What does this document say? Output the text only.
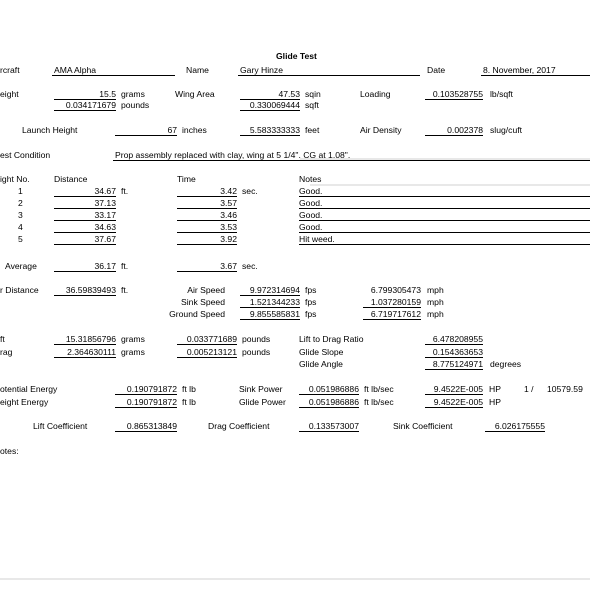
Glide Test
rcraft	AMA Alpha	Name	Gary Hinze	Date	8. November, 2017
eight	15.5 grams
0.034171679 pounds
Wing Area	47.53 sqin
0.330069444 sqft
Loading	0.103528755 lb/sqft
Launch Height	67 inches	5.583333333 feet	Air Density	0.002378 slug/cuft
est Condition	Prop assembly replaced with clay, wing at 5 1/4". CG at 1.08".
ight No.	Distance	Time	Notes
1	34.67 ft.	3.42 sec.	Good.
2	37.13	3.57	Good.
3	33.17	3.46	Good.
4	34.63	3.53	Good.
5	37.67	3.92	Hit weed.
Average	36.17 ft.	3.67 sec.
r Distance	36.59839493 ft.	Air Speed	9.972314694 fps	6.799305473 mph
Sink Speed	1.521344233 fps	1.037280159 mph
Ground Speed	9.855585831 fps	6.719717612 mph
ft	15.31856796 grams	0.033771689 pounds
rag	2.364630111 grams	0.005213121 pounds
Lift to Drag Ratio	6.478208955
Glide Slope	0.154363653
Glide Angle	8.775124971 degrees
otential Energy	0.190791872 ft lb
eight Energy	0.190791872 ft lb
Sink Power	0.051986886 ft lb/sec	9.4522E-005 HP	1 / 10579.59
Glide Power	0.051986886 ft lb/sec	9.4522E-005 HP
Lift Coefficient	0.865313849	Drag Coefficient	0.133573007	Sink Coefficient	6.026175555
otes:
